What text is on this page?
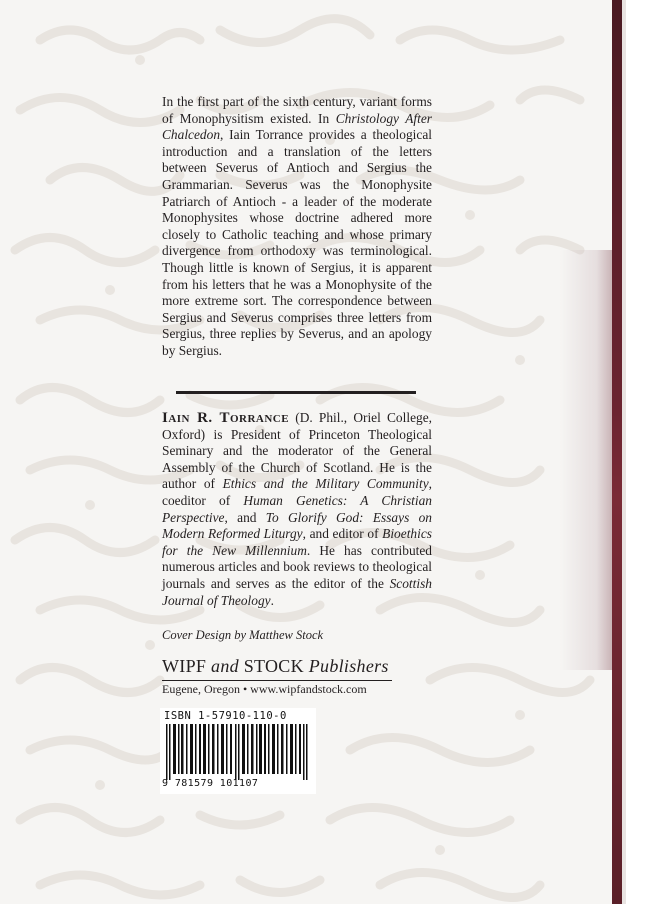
In the first part of the sixth century, variant forms of Monophysitism existed. In Christology After Chalcedon, Iain Torrance provides a theological introduction and a translation of the letters between Severus of Antioch and Sergius the Grammarian. Severus was the Monophysite Patriarch of Antioch - a leader of the moderate Monophysites whose doctrine adhered more closely to Catholic teaching and whose primary divergence from orthodoxy was terminological. Though little is known of Sergius, it is apparent from his letters that he was a Monophysite of the more extreme sort. The correspondence between Sergius and Severus comprises three letters from Sergius, three replies by Severus, and an apology by Sergius.

Iain R. Torrance (D. Phil., Oriel College, Oxford) is President of Princeton Theological Seminary and the moderator of the General Assembly of the Church of Scotland. He is the author of Ethics and the Military Community, coeditor of Human Genetics: A Christian Perspective, and To Glorify God: Essays on Modern Reformed Liturgy, and editor of Bioethics for the New Millennium. He has contributed numerous articles and book reviews to theological journals and serves as the editor of the Scottish Journal of Theology.
Cover Design by Matthew Stock
WIPF and STOCK Publishers
Eugene, Oregon • www.wipfandstock.com
ISBN 1-57910-110-0
9 781579 101107
